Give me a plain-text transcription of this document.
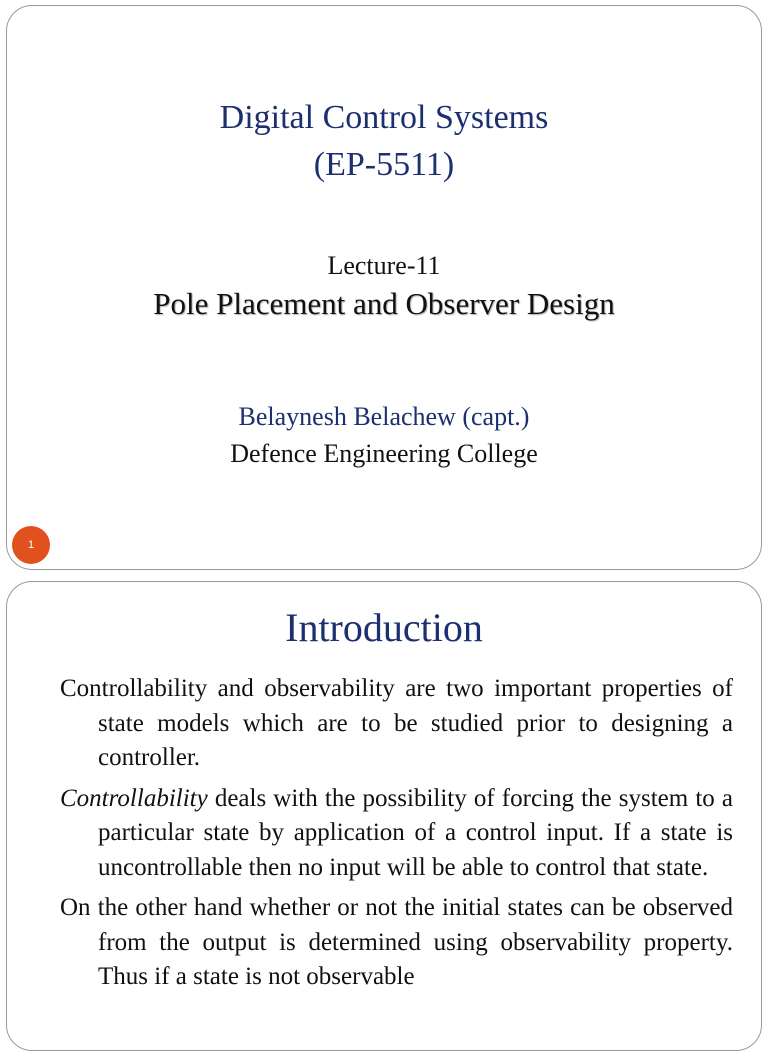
Digital Control Systems
(EP-5511)
Lecture-11
Pole Placement and Observer Design
Belaynesh Belachew (capt.)
Defence Engineering College
1
Introduction

Controllability and observability are two important properties of state models which are to be studied prior to designing a controller.

Controllability deals with the possibility of forcing the system to a particular state by application of a control input. If a state is uncontrollable then no input will be able to control that state.

On the other hand whether or not the initial states can be observed from the output is determined using observability property. Thus if a state is not observable
